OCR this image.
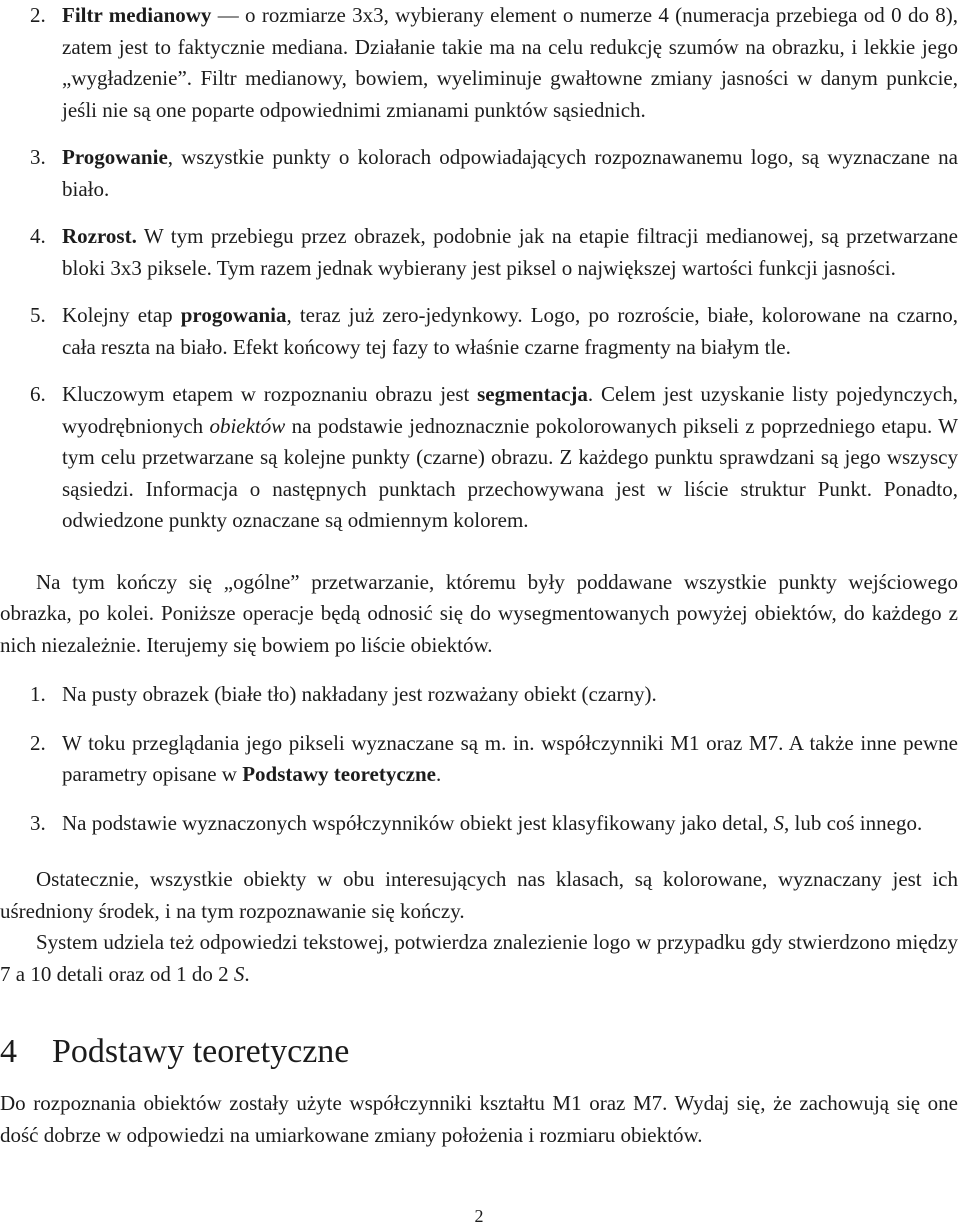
2. Filtr medianowy — o rozmiarze 3x3, wybierany element o numerze 4 (numeracja przebiega od 0 do 8), zatem jest to faktycznie mediana. Działanie takie ma na celu redukcję szumów na obrazku, i lekkie jego „wygładzenie”. Filtr medianowy, bowiem, wyeliminuje gwałtowne zmiany jasności w danym punkcie, jeśli nie są one poparte odpowiednimi zmianami punktów sąsiednich.
3. Progowanie, wszystkie punkty o kolorach odpowiadających rozpoznawanemu logo, są wyznaczane na biało.
4. Rozrost. W tym przebiegu przez obrazek, podobnie jak na etapie filtracji medianowej, są przetwarzane bloki 3x3 piksele. Tym razem jednak wybierany jest piksel o największej wartości funkcji jasności.
5. Kolejny etap progowania, teraz już zero-jedynkowy. Logo, po rozroście, białe, kolorowane na czarno, cała reszta na biało. Efekt końcowy tej fazy to właśnie czarne fragmenty na białym tle.
6. Kluczowym etapem w rozpoznaniu obrazu jest segmentacja. Celem jest uzyskanie listy pojedynczych, wyodrębnionych obiektów na podstawie jednoznacznie pokolorowanych pikseli z poprzedniego etapu. W tym celu przetwarzane są kolejne punkty (czarne) obrazu. Z każdego punktu sprawdzani są jego wszyscy sąsiedzi. Informacja o następnych punktach przechowywana jest w liście struktur Punkt. Ponadto, odwiedzone punkty oznaczane są odmiennym kolorem.

Na tym kończy się „ogólne” przetwarzanie, któremu były poddawane wszystkie punkty wejściowego obrazka, po kolei. Poniższe operacje będą odnosić się do wysegmentowanych powyżej obiektów, do każdego z nich niezależnie. Iterujemy się bowiem po liście obiektów.

1. Na pusty obrazek (białe tło) nakładany jest rozważany obiekt (czarny).
2. W toku przeglądania jego pikseli wyznaczane są m. in. współczynniki M1 oraz M7. A także inne pewne parametry opisane w Podstawy teoretyczne.
3. Na podstawie wyznaczonych współczynników obiekt jest klasyfikowany jako detal, S, lub coś innego.

Ostatecznie, wszystkie obiekty w obu interesujących nas klasach, są kolorowane, wyznaczany jest ich uśredniony środek, i na tym rozpoznawanie się kończy.

System udziela też odpowiedzi tekstowej, potwierdza znalezienie logo w przypadku gdy stwierdzono między 7 a 10 detali oraz od 1 do 2 S.

4 Podstawy teoretyczne

Do rozpoznania obiektów zostały użyte współczynniki kształtu M1 oraz M7. Wydaj się, że zachowują się one dość dobrze w odpowiedzi na umiarkowane zmiany położenia i rozmiaru obiektów.

2
